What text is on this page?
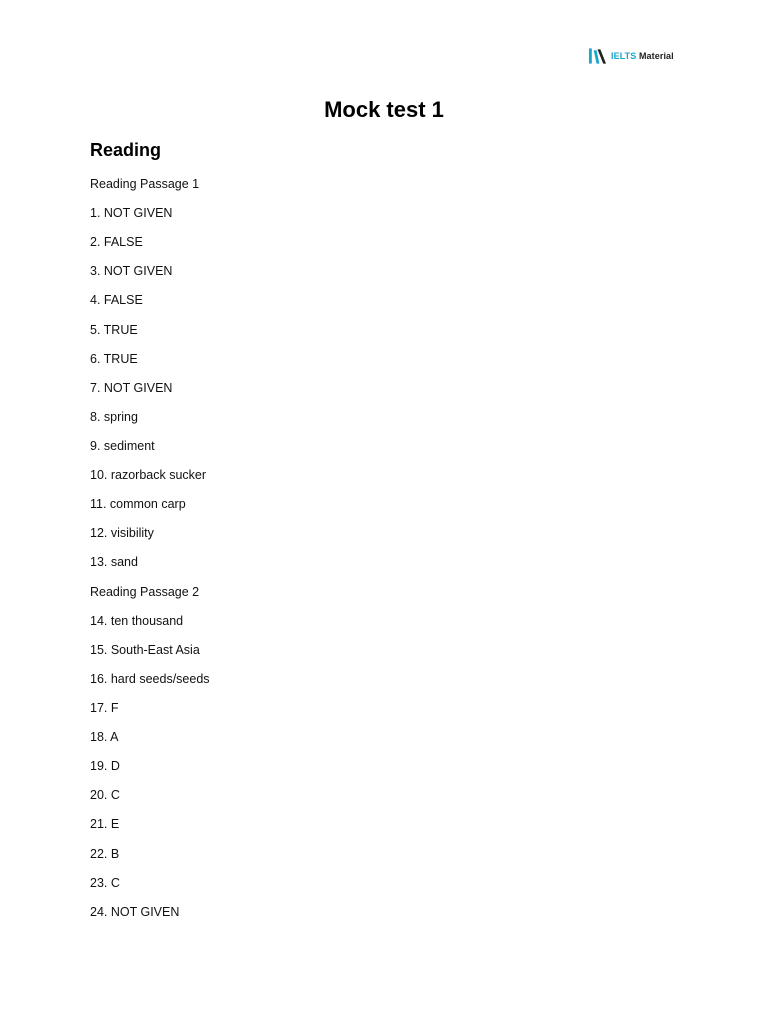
IELTS Material
Mock test 1
Reading
Reading Passage 1
1. NOT GIVEN
2. FALSE
3. NOT GIVEN
4. FALSE
5. TRUE
6. TRUE
7. NOT GIVEN
8. spring
9. sediment
10. razorback sucker
11. common carp
12. visibility
13. sand
Reading Passage 2
14. ten thousand
15. South-East Asia
16. hard seeds/seeds
17. F
18. A
19. D
20. C
21. E
22. B
23. C
24. NOT GIVEN
